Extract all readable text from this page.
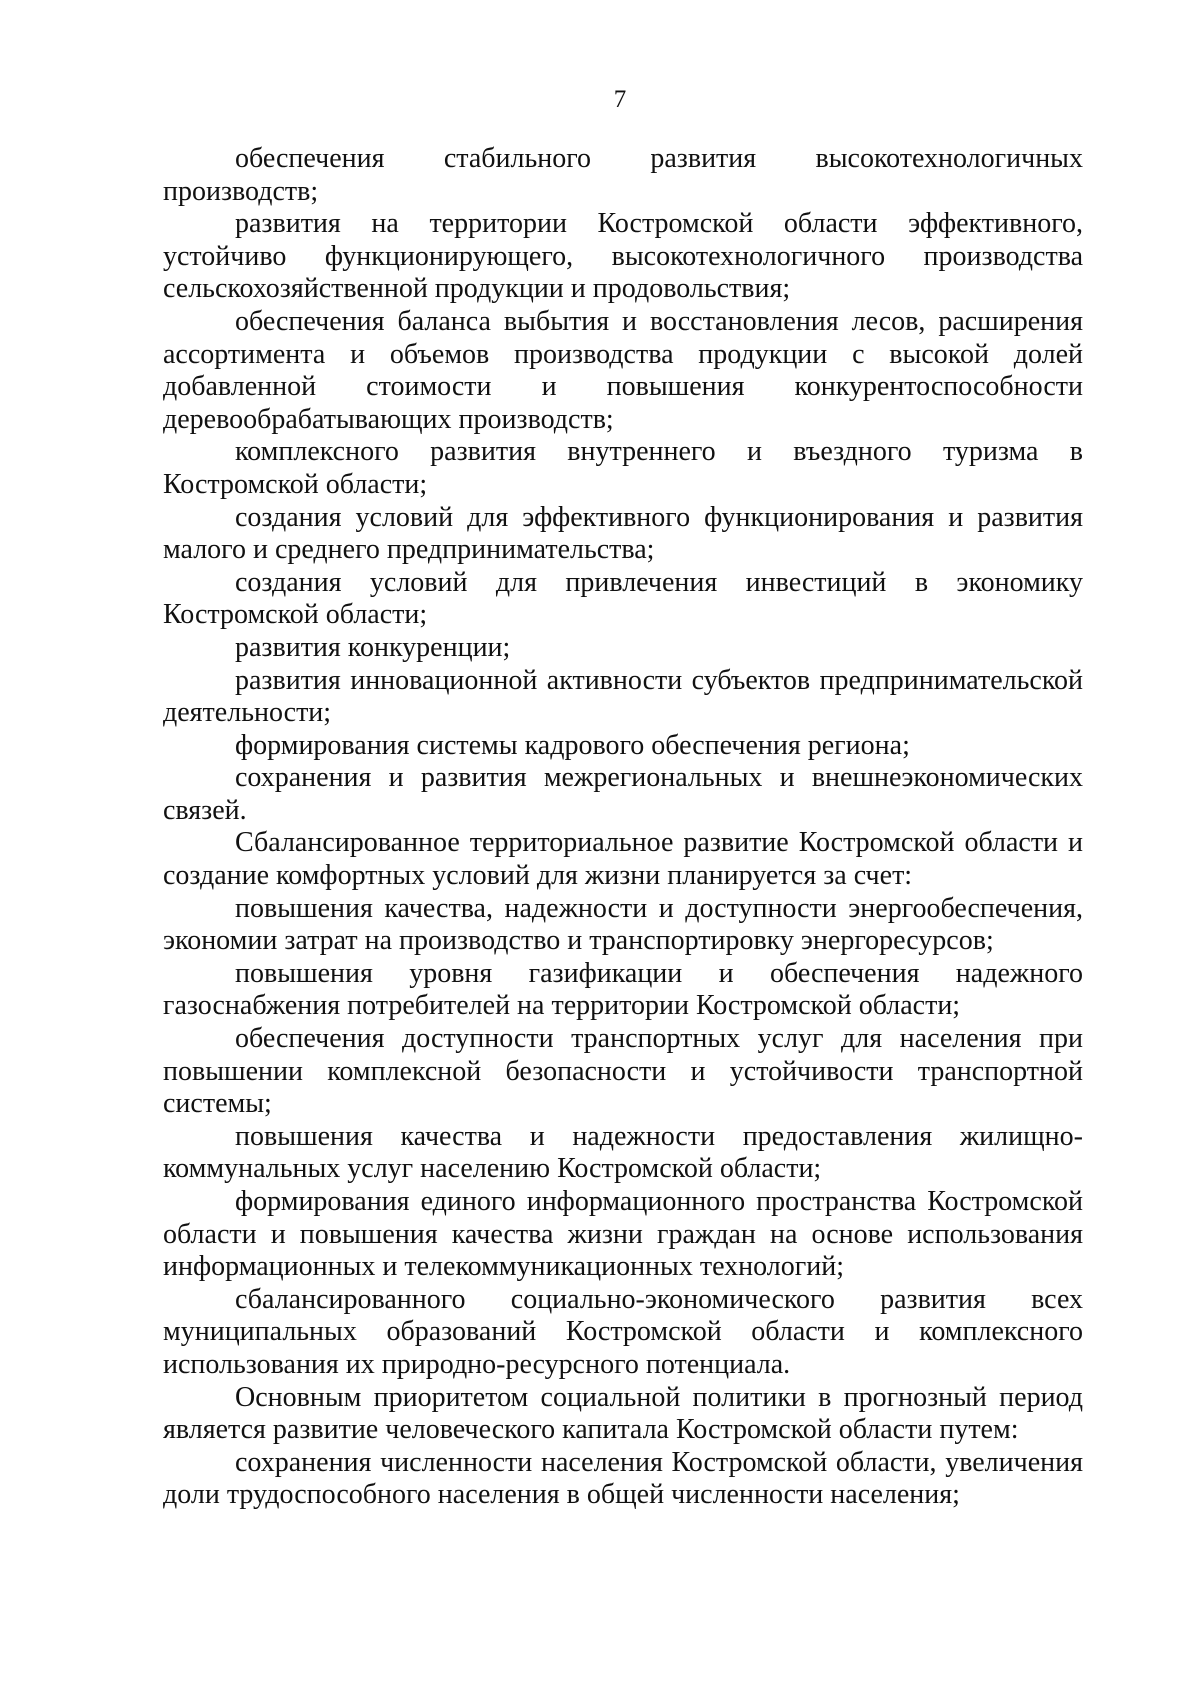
7

обеспечения стабильного развития высокотехнологичных производств;

развития на территории Костромской области эффективного, устойчиво функционирующего, высокотехнологичного производства сельскохозяйственной продукции и продовольствия;

обеспечения баланса выбытия и восстановления лесов, расширения ассортимента и объемов производства продукции с высокой долей добавленной стоимости и повышения конкурентоспособности деревообрабатывающих производств;

комплексного развития внутреннего и въездного туризма в Костромской области;

создания условий для эффективного функционирования и развития малого и среднего предпринимательства;

создания условий для привлечения инвестиций в экономику Костромской области;

развития конкуренции;

развития инновационной активности субъектов предпринимательской деятельности;

формирования системы кадрового обеспечения региона;

сохранения и развития межрегиональных и внешнеэкономических связей.

Сбалансированное территориальное развитие Костромской области и создание комфортных условий для жизни планируется за счет:

повышения качества, надежности и доступности энергообеспечения, экономии затрат на производство и транспортировку энергоресурсов;

повышения уровня газификации и обеспечения надежного газоснабжения потребителей на территории Костромской области;

обеспечения доступности транспортных услуг для населения при повышении комплексной безопасности и устойчивости транспортной системы;

повышения качества и надежности предоставления жилищно-коммунальных услуг населению Костромской области;

формирования единого информационного пространства Костромской области и повышения качества жизни граждан на основе использования информационных и телекоммуникационных технологий;

сбалансированного социально-экономического развития всех муниципальных образований Костромской области и комплексного использования их природно-ресурсного потенциала.

Основным приоритетом социальной политики в прогнозный период является развитие человеческого капитала Костромской области путем:

сохранения численности населения Костромской области, увеличения доли трудоспособного населения в общей численности населения;
